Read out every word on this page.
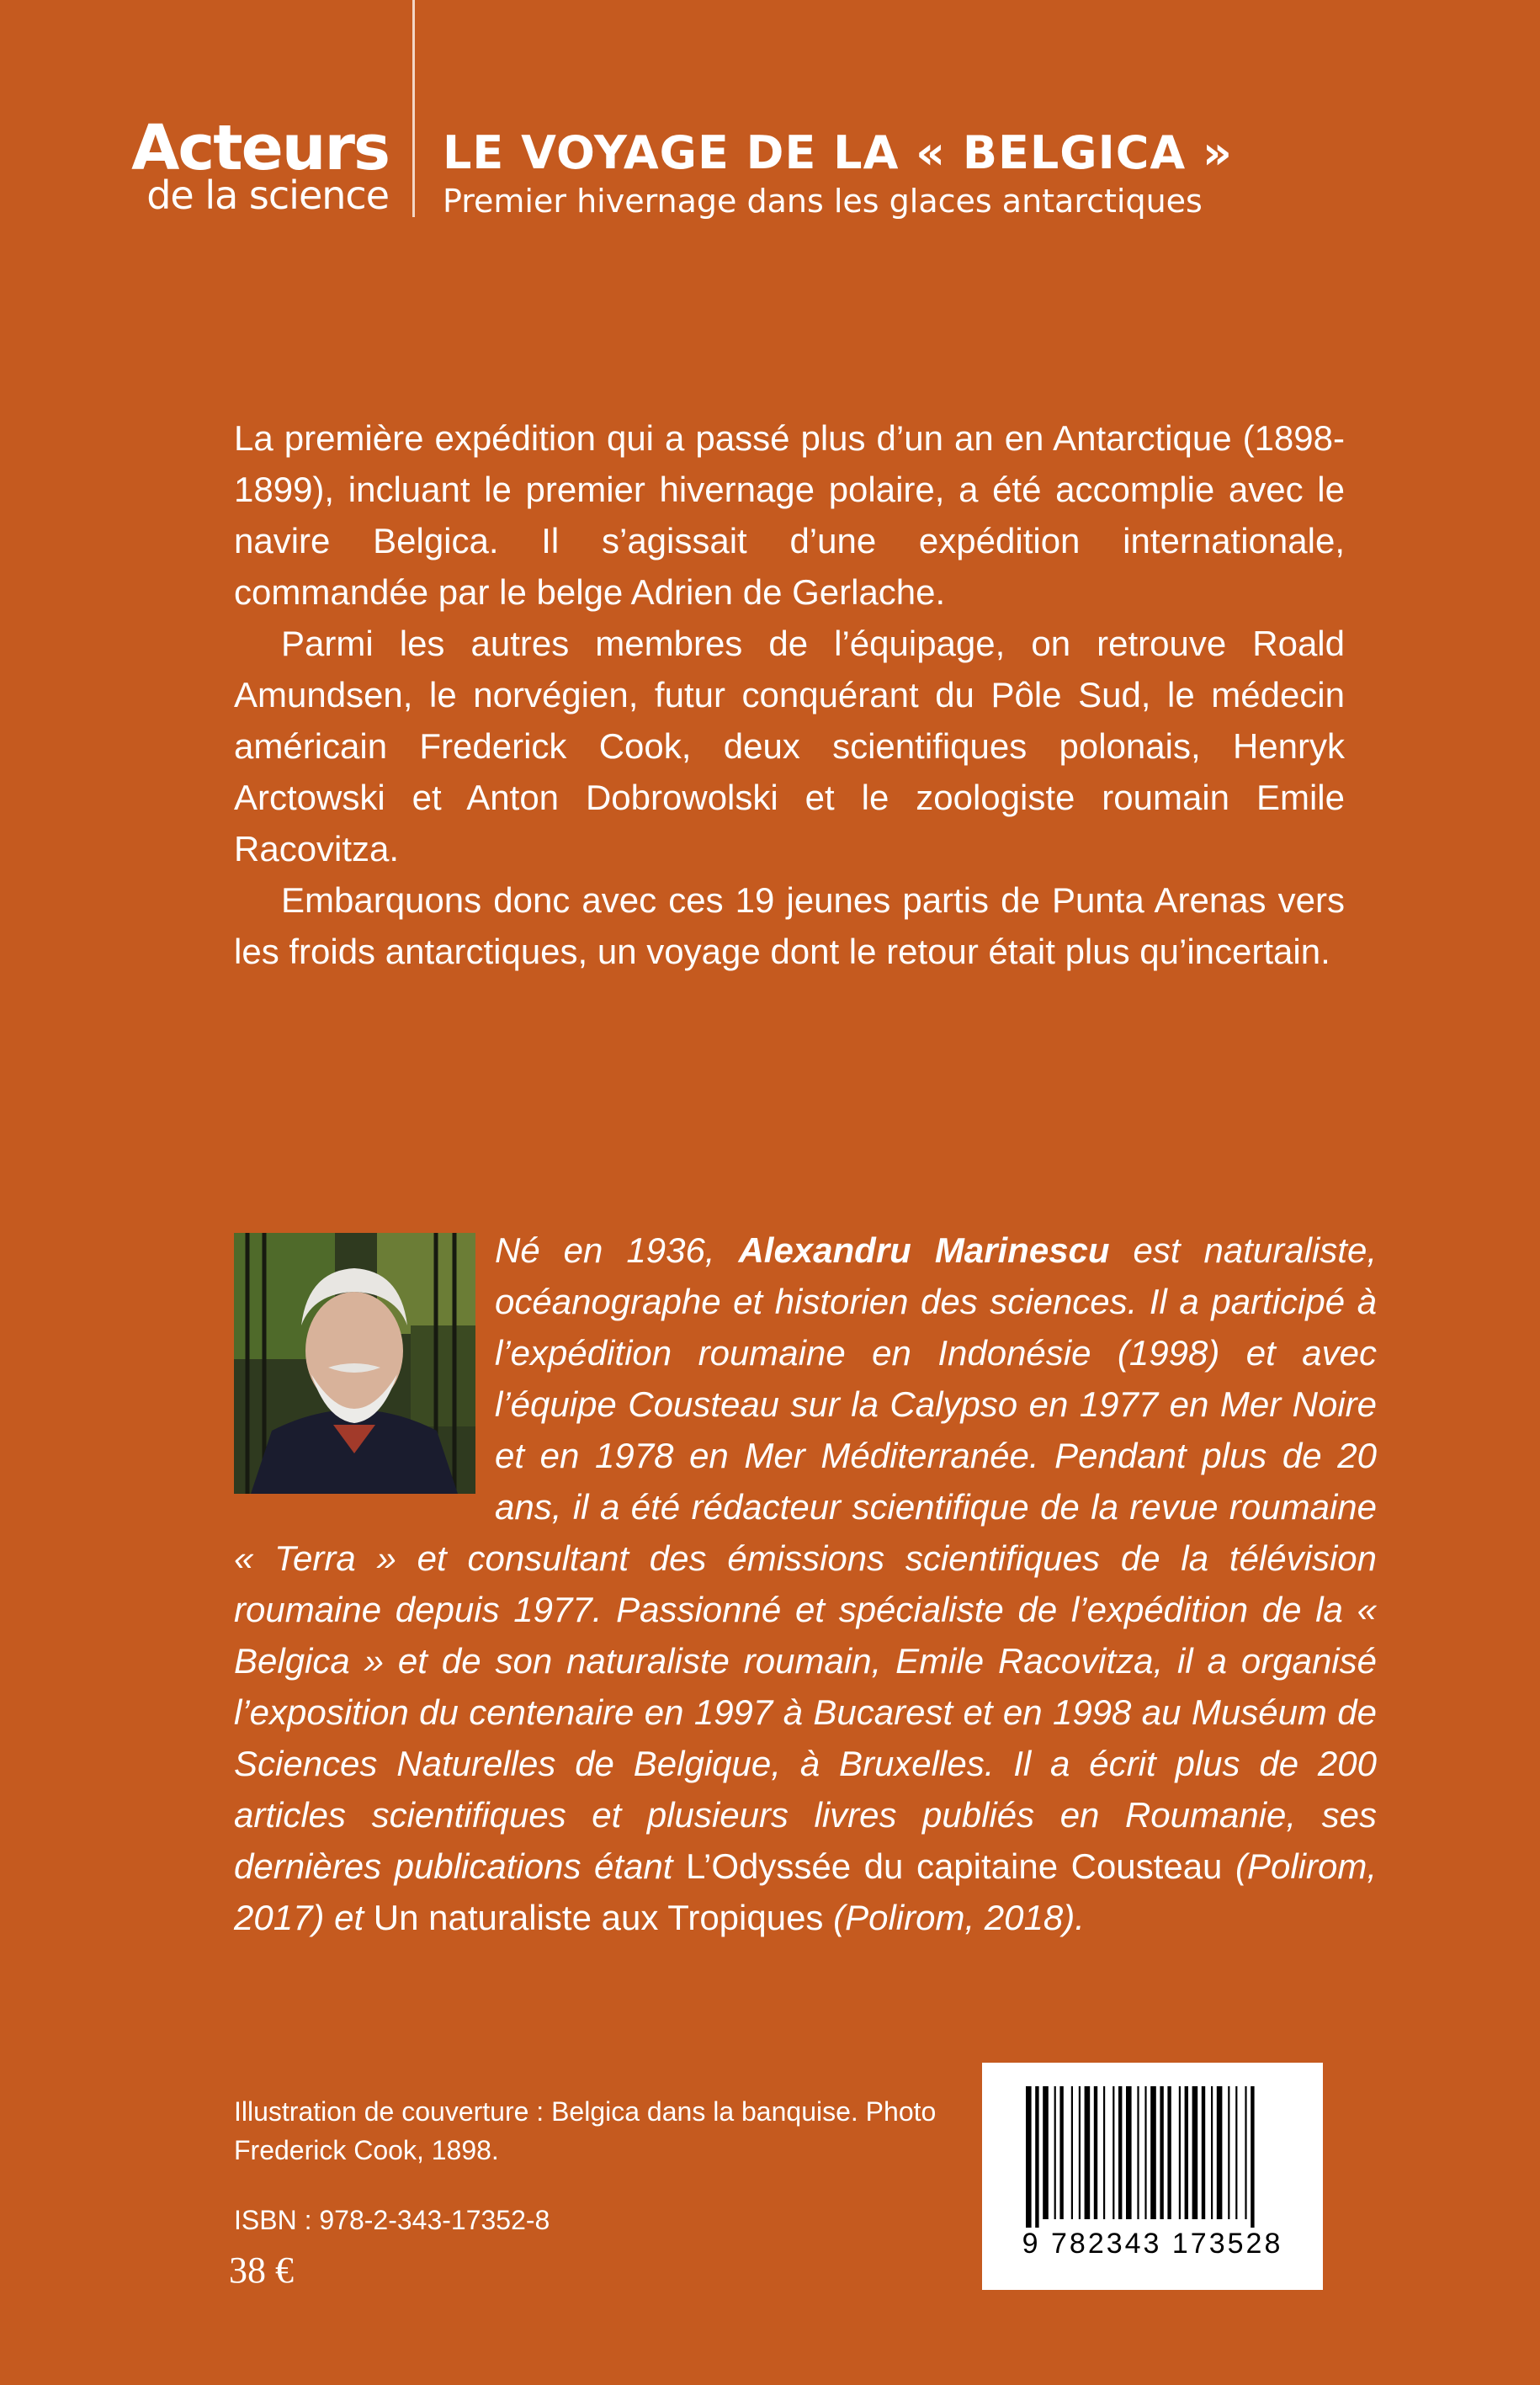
Acteurs
de la science
LE VOYAGE DE LA « BELGICA »
Premier hivernage dans les glaces antarctiques

La première expédition qui a passé plus d’un an en Antarctique (1898-1899), incluant le premier hivernage polaire, a été accomplie avec le navire Belgica. Il s’agissait d’une expédition internationale, commandée par le belge Adrien de Gerlache.

Parmi les autres membres de l’équipage, on retrouve Roald Amundsen, le norvégien, futur conquérant du Pôle Sud, le médecin américain Frederick Cook, deux scientifiques polonais, Henryk Arctowski et Anton Dobrowolski et le zoologiste roumain Emile Racovitza.

Embarquons donc avec ces 19 jeunes partis de Punta Arenas vers les froids antarctiques, un voyage dont le retour était plus qu’incertain.

Né en 1936, Alexandru Marinescu est naturaliste, océanographe et historien des sciences. Il a participé à l’expédition roumaine en Indonésie (1998) et avec l’équipe Cousteau sur la Calypso en 1977 en Mer Noire et en 1978 en Mer Méditerranée. Pendant plus de 20 ans, il a été rédacteur scientifique de la revue roumaine « Terra » et consultant des émissions scientifiques de la télévision roumaine depuis 1977. Passionné et spécialiste de l’expédition de la « Belgica » et de son naturaliste roumain, Emile Racovitza, il a organisé l’exposition du centenaire en 1997 à Bucarest et en 1998 au Muséum de Sciences Naturelles de Belgique, à Bruxelles. Il a écrit plus de 200 articles scientifiques et plusieurs livres publiés en Roumanie, ses dernières publications étant L’Odyssée du capitaine Cousteau (Polirom, 2017) et Un naturaliste aux Tropiques (Polirom, 2018).
Illustration de couverture : Belgica dans la banquise. Photo Frederick Cook, 1898.
ISBN : 978-2-343-17352-8
38 €
9 782343 173528
